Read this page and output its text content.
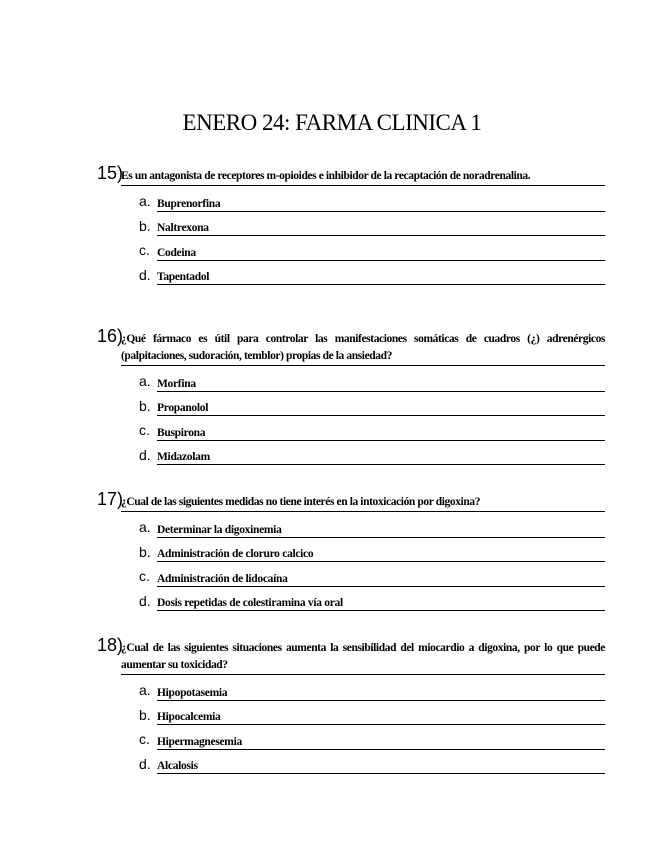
ENERO 24: FARMA CLINICA 1
15)
Es un antagonista de receptores m-opioides e inhibidor de la recaptación de noradrenalina.
a. Buprenorfina
b. Naltrexona
c. Codeina
d. Tapentadol
16)
¿Qué fármaco es útil para controlar las manifestaciones somáticas de cuadros (¿) adrenérgicos (palpitaciones, sudoración, temblor) propias de la ansiedad?
a. Morfina
b. Propanolol
c. Buspirona
d. Midazolam
17)
¿Cual de las siguientes medidas no tiene interés en la intoxicación por digoxina?
a. Determinar la digoxinemia
b. Administración de cloruro calcico
c. Administración de lidocaína
d. Dosis repetidas de colestiramina vía oral
18)
¿Cual de las siguientes situaciones aumenta la sensibilidad del miocardio a digoxina, por lo que puede aumentar su toxicidad?
a. Hipopotasemia
b. Hipocalcemia
c. Hipermagnesemia
d. Alcalosis
